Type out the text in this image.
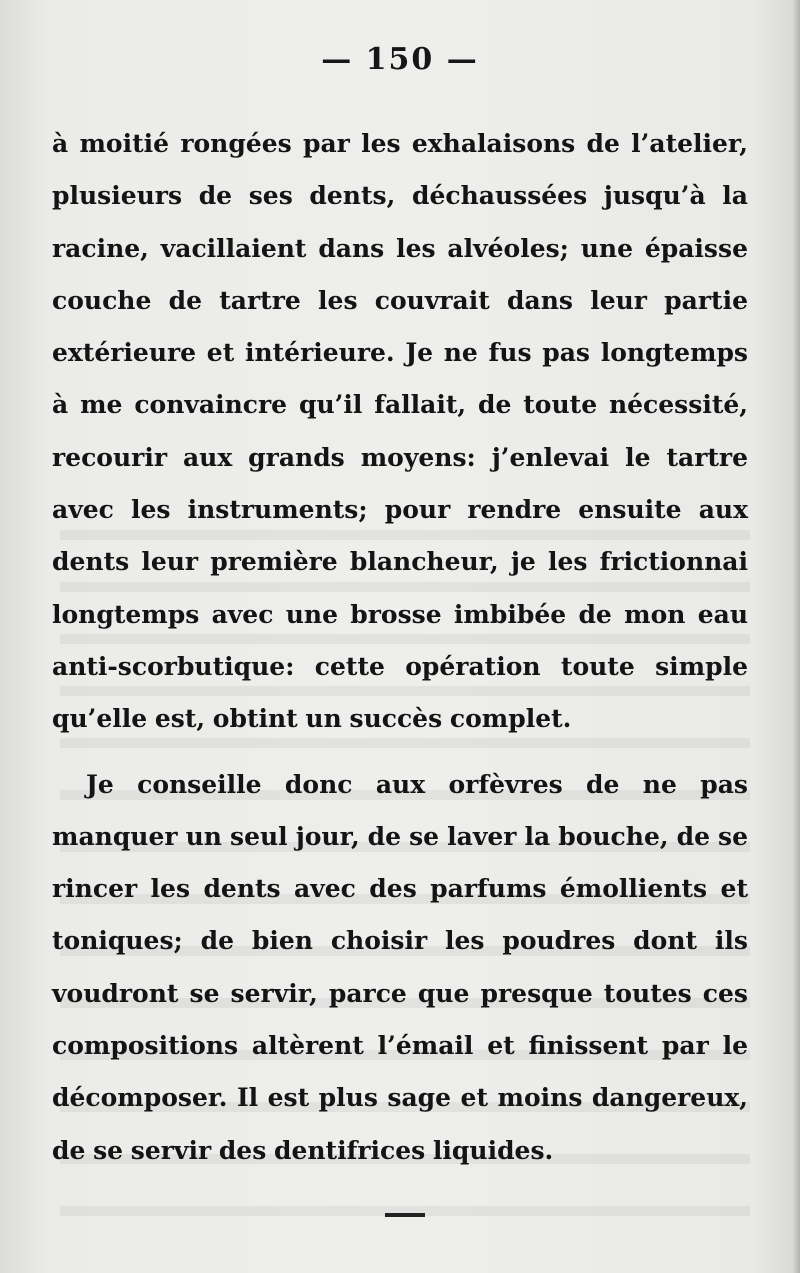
— 150 —

à moitié rongées par les exhalaisons de l’atelier, plusieurs de ses dents, déchaussées jusqu’à la racine, vacillaient dans les alvéoles; une épaisse couche de tartre les couvrait dans leur partie extérieure et intérieure. Je ne fus pas longtemps à me convaincre qu’il fallait, de toute nécessité, recourir aux grands moyens: j’enlevai le tartre avec les instruments; pour rendre ensuite aux dents leur première blancheur, je les frictionnai longtemps avec une brosse imbibée de mon eau anti-scorbutique: cette opération toute simple qu’elle est, obtint un succès complet.

Je conseille donc aux orfèvres de ne pas manquer un seul jour, de se laver la bouche, de se rincer les dents avec des parfums émollients et toniques; de bien choisir les poudres dont ils voudront se servir, parce que presque toutes ces compositions altèrent l’émail et finissent par le décomposer. Il est plus sage et moins dangereux, de se servir des dentifrices liquides.
